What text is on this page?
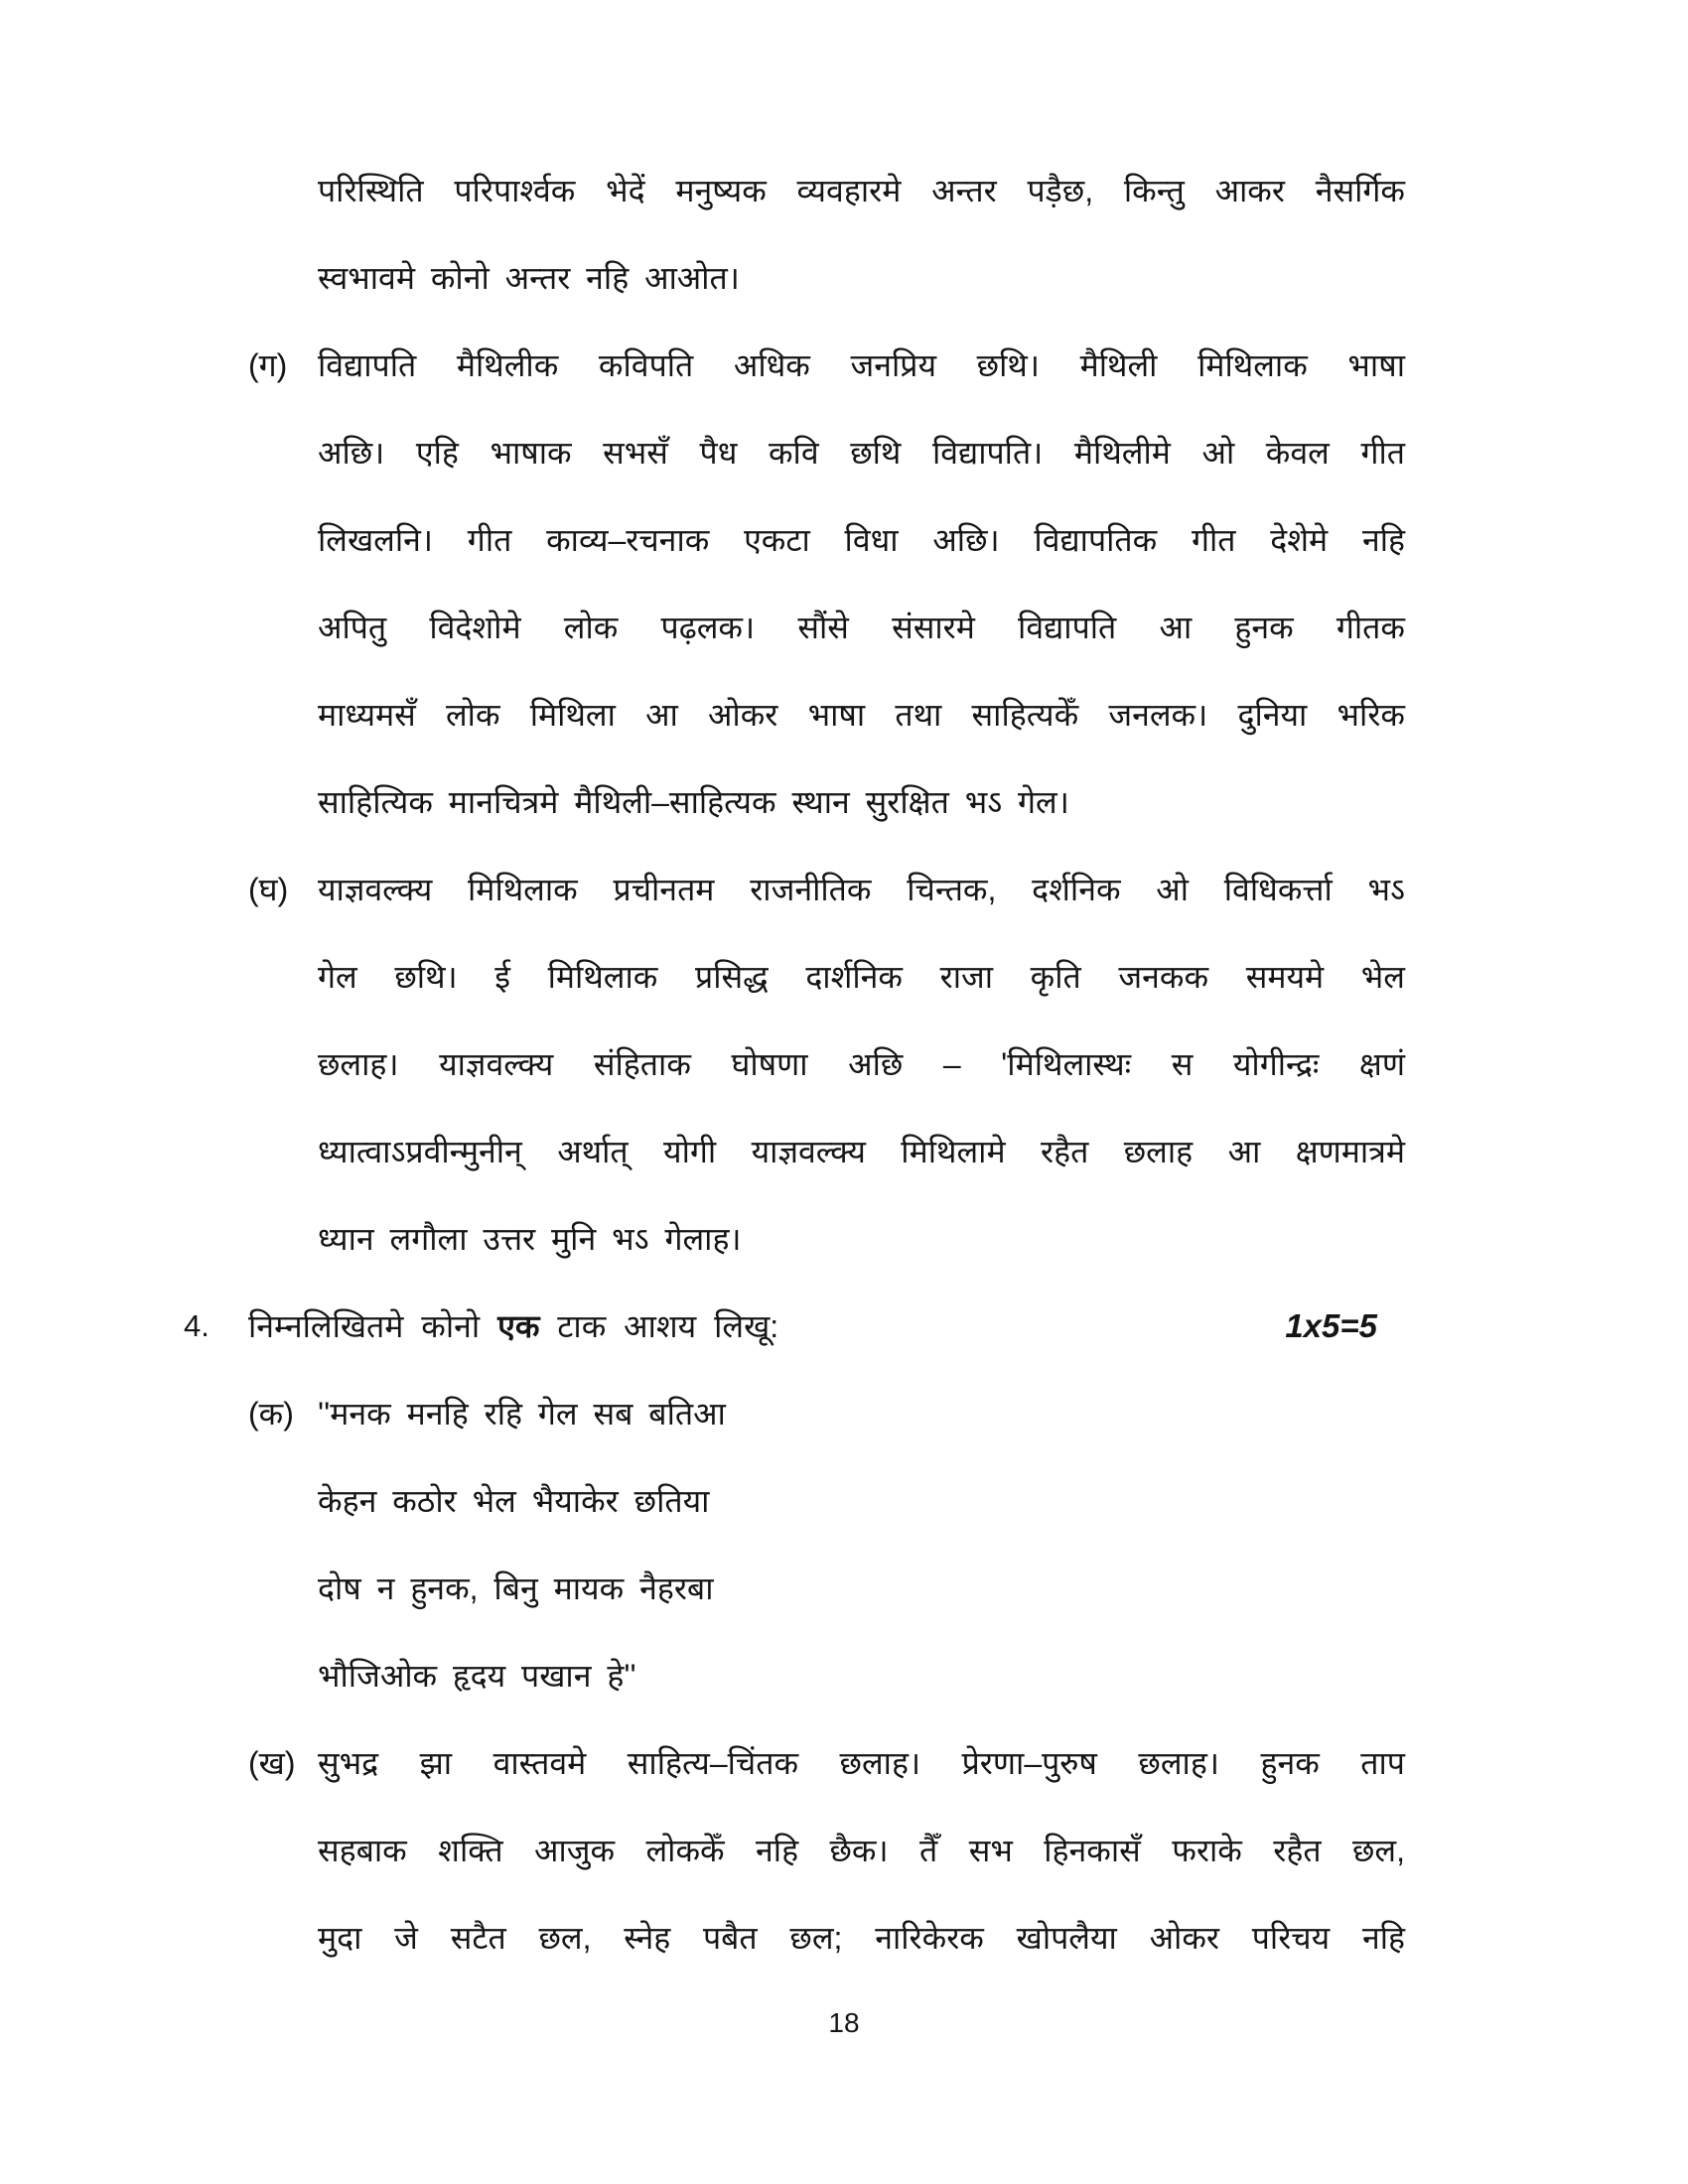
परिस्थिति परिपार्श्वक भेदें मनुष्यक व्यवहारमे अन्तर पड़ैछ, किन्तु आकर नैसर्गिक
स्वभावमे कोनो अन्तर नहि आओत।
(ग) विद्यापति मैथिलीक कविपति अधिक जनप्रिय छथि। मैथिली मिथिलाक भाषा
अछि। एहि भाषाक सभसँ पैध कवि छथि विद्यापति। मैथिलीमे ओ केवल गीत
लिखलनि। गीत काव्य–रचनाक एकटा विधा अछि। विद्यापतिक गीत देशेमे नहि
अपितु विदेशोमे लोक पढ़लक। सौंसे संसारमे विद्यापति आ हुनक गीतक
माध्यमसँ लोक मिथिला आ ओकर भाषा तथा साहित्यकेँ जनलक। दुनिया भरिक
साहित्यिक मानचित्रमे मैथिली–साहित्यक स्थान सुरक्षित भऽ गेल।
(घ) याज्ञवल्क्य मिथिलाक प्रचीनतम राजनीतिक चिन्तक, दर्शनिक ओ विधिकर्त्ता भऽ
गेल छथि। ई मिथिलाक प्रसिद्ध दार्शनिक राजा कृति जनकक समयमे भेल
छलाह। याज्ञवल्क्य संहिताक घोषणा अछि – 'मिथिलास्थः स योगीन्द्रः क्षणं
ध्यात्वाऽप्रवीन्मुनीन् अर्थात् योगी याज्ञवल्क्य मिथिलामे रहैत छलाह आ क्षणमात्रमे
ध्यान लगौला उत्तर मुनि भऽ गेलाह।
4.	निम्नलिखितमे कोनो एक टाक आशय लिखू:	1x5=5
(क) ''मनक मनहि रहि गेल सब बतिआ
केहन कठोर भेल भैयाकेर छतिया
दोष न हुनक, बिनु मायक नैहरबा
भौजिओक हृदय पखान हे''
(ख) सुभद्र झा वास्तवमे साहित्य–चिंतक छलाह। प्रेरणा–पुरुष छलाह। हुनक ताप
सहबाक शक्ति आजुक लोककेँ नहि छैक। तैँ सभ हिनकासँ फराके रहैत छल,
मुदा जे सटैत छल, स्नेह पबैत छल; नारिकेरक खोपलैया ओकर परिचय नहि
18
